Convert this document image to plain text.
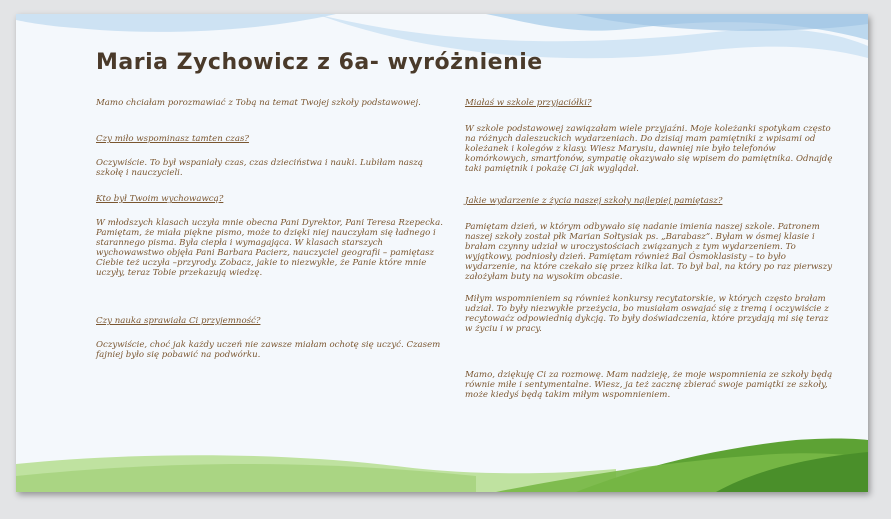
Maria Zychowicz z 6a- wyróżnienie

Mamo chciałam porozmawiać z Tobą na temat Twojej szkoły podstawowej.

Czy miło wspominasz tamten czas?

Oczywiście. To był wspaniały czas, czas dzieciństwa i nauki. Lubiłam naszą szkołę i nauczycieli.

Kto był Twoim wychowawcą?

W młodszych klasach uczyła mnie obecna Pani Dyrektor, Pani Teresa Rzepecka. Pamiętam, że miała piękne pismo, może to dzięki niej nauczyłam się ładnego i starannego pisma. Była ciepła i wymagająca. W klasach starszych wychowawstwo objęła Pani Barbara Pacierz, nauczyciel geografii – pamiętasz Ciebie też uczyła –przyrody. Zobacz, jakie to niezwykłe, że Panie które mnie uczyły, teraz Tobie przekazują wiedzę.

Czy nauka sprawiała Ci przyjemność?

Oczywiście, choć jak każdy uczeń nie zawsze miałam ochotę się uczyć. Czasem fajniej było się pobawić na podwórku.

Miałaś w szkole przyjaciółki?

W szkole podstawowej zawiązałam wiele przyjaźni. Moje koleżanki spotykam często na różnych daleszuckich wydarzeniach. Do dzisiaj mam pamiętniki z wpisami od koleżanek i kolegów z klasy. Wiesz Marysiu, dawniej nie było telefonów komórkowych, smartfonów, sympatię okazywało się wpisem do pamiętnika. Odnajdę taki pamiętnik i pokażę Ci jak wyglądał.

Jakie wydarzenie z życia naszej szkoły najlepiej pamiętasz?

Pamiętam dzień, w którym odbywało się nadanie imienia naszej szkole. Patronem naszej szkoły został płk Marian Sołtysiak ps. „Barabasz”. Byłam w ósmej klasie i brałam czynny udział w uroczystościach związanych z tym wydarzeniem. To wyjątkowy, podniosły dzień. Pamiętam również Bal Ósmoklasisty – to było wydarzenie, na które czekało się przez kilka lat. To był bal, na który po raz pierwszy założyłam buty na wysokim obcasie.

Miłym wspomnieniem są również konkursy recytatorskie, w których często brałam udział. To były niezwykłe przeżycia, bo musiałam oswajać się z tremą i oczywiście z recytowaćz odpowiednią dykcją. To były doświadczenia, które przydają mi się teraz w życiu i w pracy.

Mamo, dziękuję Ci za rozmowę. Mam nadzieję, że moje wspomnienia ze szkoły będą równie miłe i sentymentalne. Wiesz, ja też zacznę zbierać swoje pamiątki ze szkoły, może kiedyś będą takim miłym wspomnieniem.
